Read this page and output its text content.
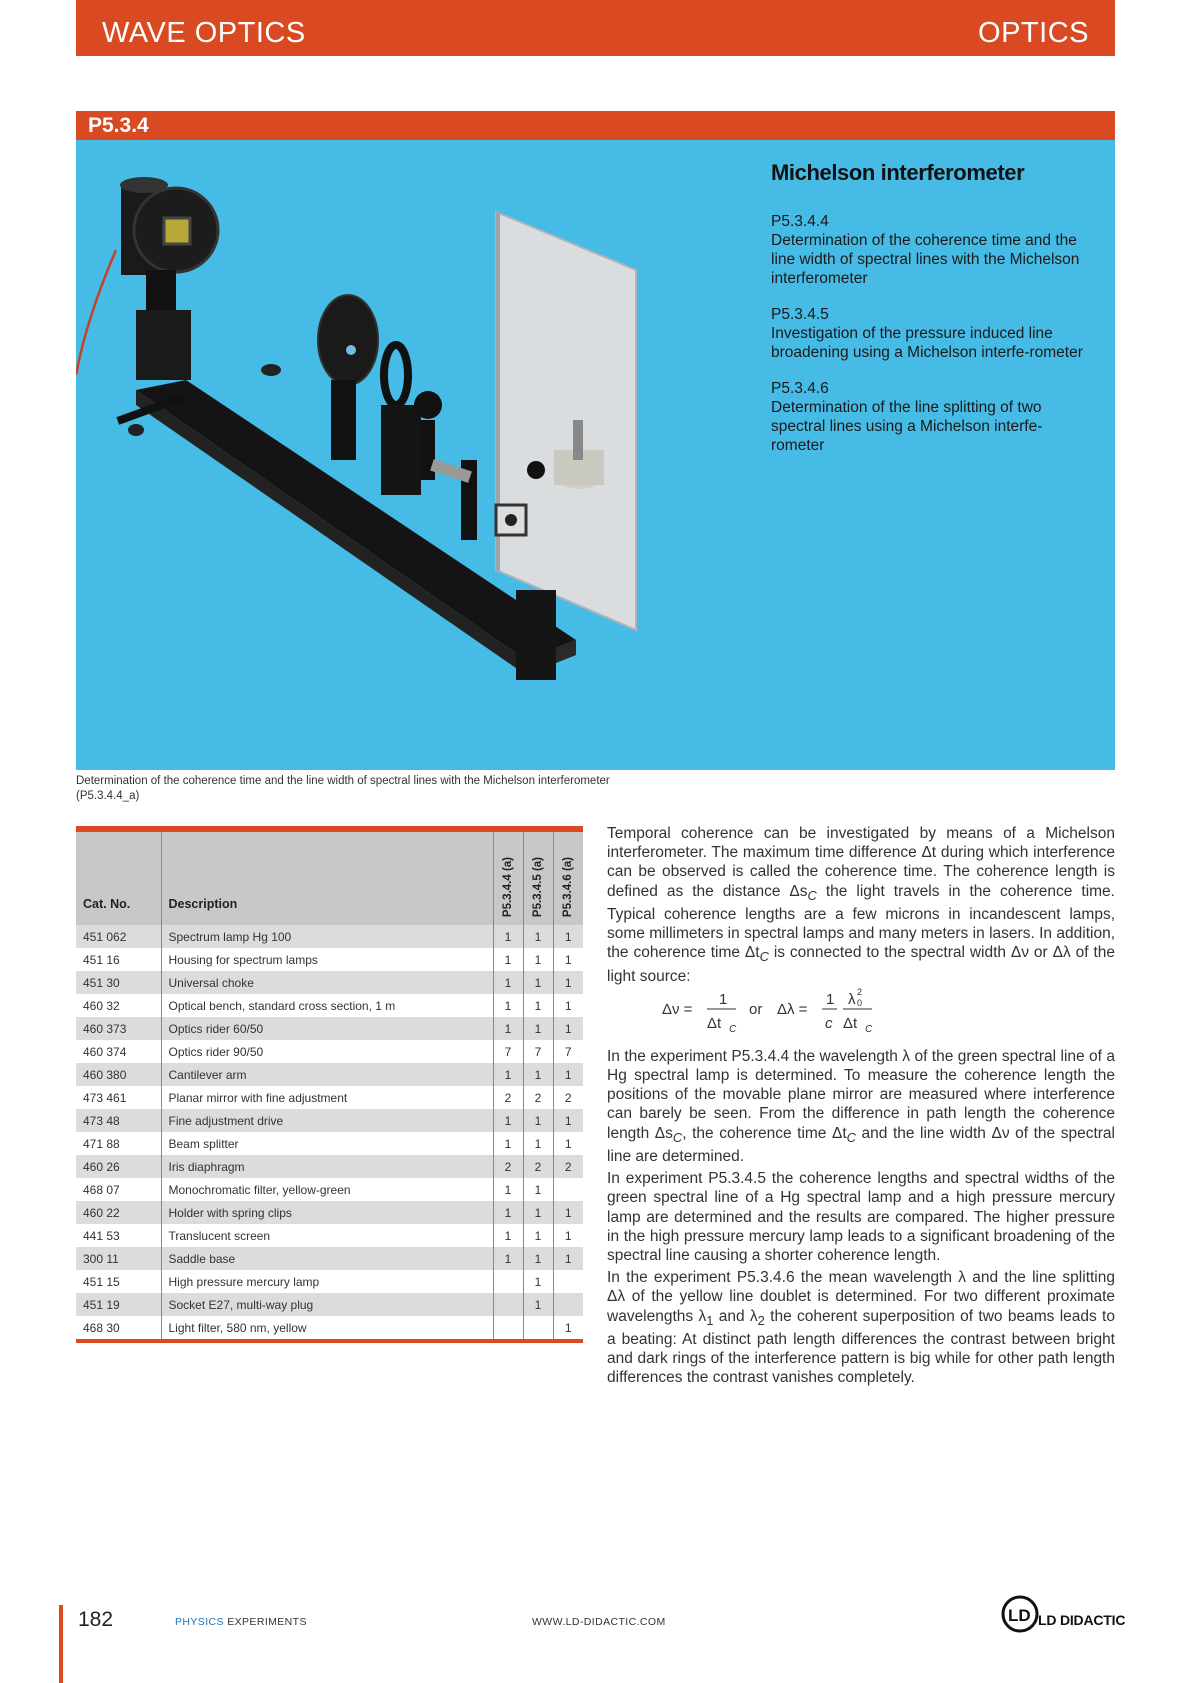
WAVE OPTICS	OPTICS
P5.3.4
Michelson interferometer
P5.3.4.4
Determination of the coherence time and the line width of spectral lines with the Michelson interferometer
P5.3.4.5
Investigation of the pressure induced line broadening using a Michelson interfe-rometer
P5.3.4.6
Determination of the line splitting of two spectral lines using a Michelson interfe-rometer
Determination of the coherence time and the line width of spectral lines with the Michelson interferometer
(P5.3.4.4_a)
Cat. No.	Description	P5.3.4.4 (a)	P5.3.4.5 (a)	P5.3.4.6 (a)

451 062	Spectrum lamp Hg 100	1	1	1
451 16	Housing for spectrum lamps	1	1	1
451 30	Universal choke	1	1	1
460 32	Optical bench, standard cross section, 1 m	1	1	1
460 373	Optics rider 60/50	1	1	1
460 374	Optics rider 90/50	7	7	7
460 380	Cantilever arm	1	1	1
473 461	Planar mirror with fine adjustment	2	2	2
473 48	Fine adjustment drive	1	1	1
471 88	Beam splitter	1	1	1
460 26	Iris diaphragm	2	2	2
468 07	Monochromatic filter, yellow-green	1	1	
460 22	Holder with spring clips	1	1	1
441 53	Translucent screen	1	1	1
300 11	Saddle base	1	1	1
451 15	High pressure mercury lamp		1	
451 19	Socket E27, multi-way plug		1	
468 30	Light filter, 580 nm, yellow			1

Temporal coherence can be investigated by means of a Michelson interferometer. The maximum time difference Δt during which interference can be observed is called the coherence time. The coherence length is defined as the distance $\Delta s_C$ the light travels in the coherence time. Typical coherence lengths are a few microns in incandescent lamps, some millimeters in spectral lamps and many meters in lasers. In addition, the coherence time $\Delta t_C$ is connected to the spectral width Δν or Δλ of the light source:

In the experiment P5.3.4.4 the wavelength λ of the green spectral line of a Hg spectral lamp is determined. To measure the coherence length the positions of the movable plane mirror are measured where interference can barely be seen. From the difference in path length the coherence length $\Delta s_C$, the coherence time $\Delta t_C$ and the line width Δν of the spectral line are determined.

In experiment P5.3.4.5 the coherence lengths and spectral widths of the green spectral line of a Hg spectral lamp and a high pressure mercury lamp are determined and the results are compared. The higher pressure in the high pressure mercury lamp leads to a significant broadening of the spectral line causing a shorter coherence length.

In the experiment P5.3.4.6 the mean wavelength λ and the line splitting Δλ of the yellow line doublet is determined. For two different proximate wavelengths $\lambda_1$ and $\lambda_2$ the coherent superposition of two beams leads to a beating: At distinct path length differences the contrast between bright and dark rings of the interference pattern is big while for other path length differences the contrast vanishes completely.

Δν =
1
Δt C
or Δλ =
1
c
λ 0
2
Δt C
182	PHYSICS EXPERIMENTS	WWW.LD-DIDACTIC.COM	LD LD DIDACTIC
